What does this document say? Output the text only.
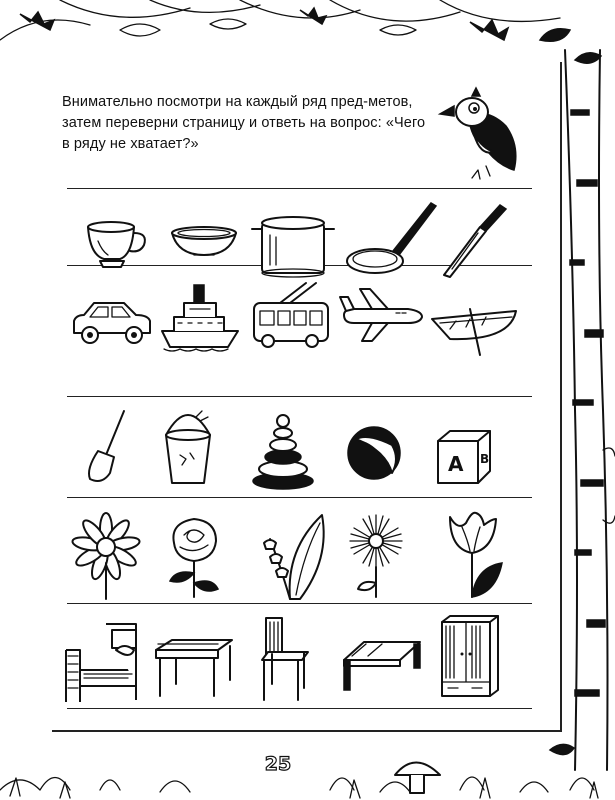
Внимательно посмотри на каждый ряд пред-метов, затем переверни страницу и ответь на вопрос: «Чего в ряду не хватает?»

A B
25
